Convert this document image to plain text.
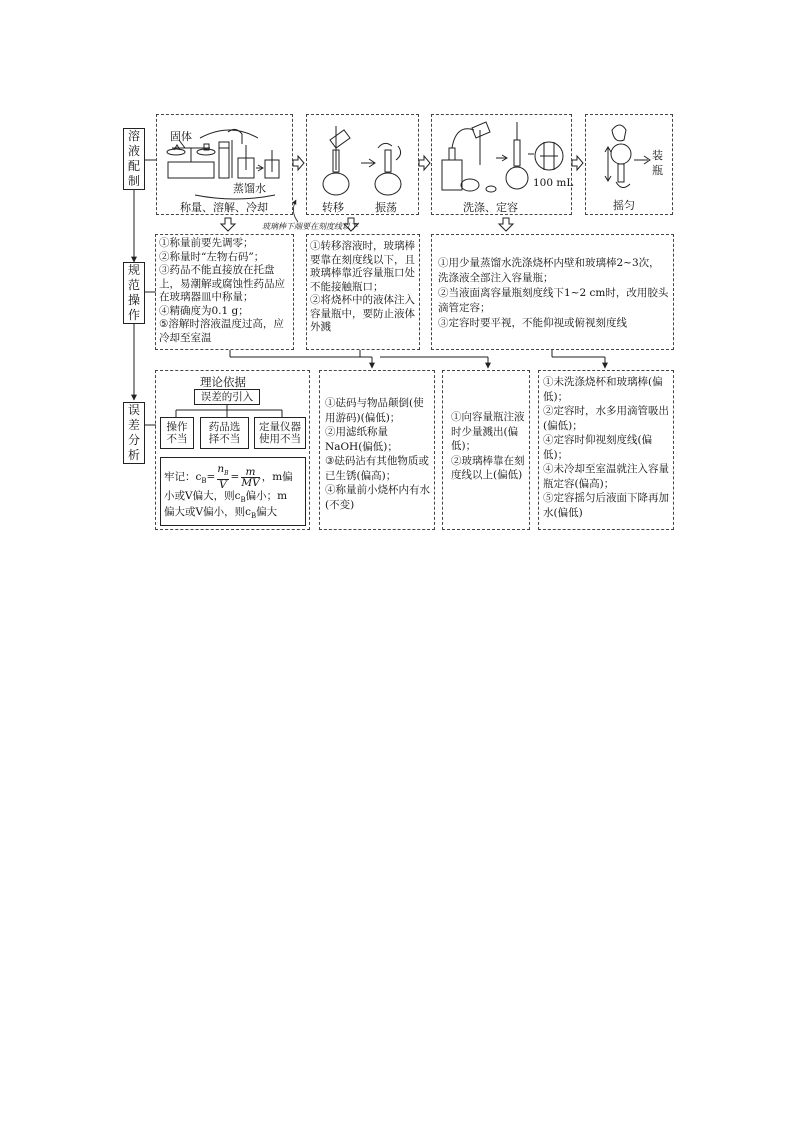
溶
液
配
制
规
范
操
作
误
差
分
析
固体
蒸馏水
称量、溶解、冷却	转移	振荡
100 mL
洗涤、定容	摇匀
装
瓶
玻璃棒下端要在刻度线以下
①称量前要先调零；
②称量时“左物右码”；
③药品不能直接放在托盘上，易潮解或腐蚀性药品应在玻璃器皿中称量；
④精确度为0.1 g；
⑤溶解时溶液温度过高，应冷却至室温
①转移溶液时，玻璃棒要靠在刻度线以下，且玻璃棒靠近容量瓶口处不能接触瓶口；
②将烧杯中的液体注入容量瓶中，要防止液体外溅
①用少量蒸馏水洗涤烧杯内壁和玻璃棒2~3次，洗涤液全部注入容量瓶；
②当液面离容量瓶刻度线下1~2 cm时，改用胶头滴管定容；
③定容时要平视，不能仰视或俯视刻度线
理论依据
误差的引入
操作
不当
药品选
择不当
定量仪器
使用不当
牢记：$c_B= \frac{n_B}{V} = \frac{m}{MV}$ ，m偏
小或V偏大，则$c_B$偏小；m
偏大或V偏小，则$c_B$偏大
①砝码与物品颠倒(使用游码)(偏低)；
②用滤纸称量NaOH(偏低)；
③砝码沾有其他物质或已生锈(偏高)；
④称量前小烧杯内有水(不变)
①向容量瓶注液时少量溅出(偏低)；
②玻璃棒靠在刻度线以上(偏低)
①未洗涤烧杯和玻璃棒(偏低)；
②定容时，水多用滴管吸出(偏低)；
④定容时仰视刻度线(偏低)；
④未冷却至室温就注入容量瓶定容(偏高)；
⑤定容摇匀后液面下降再加水(偏低)
